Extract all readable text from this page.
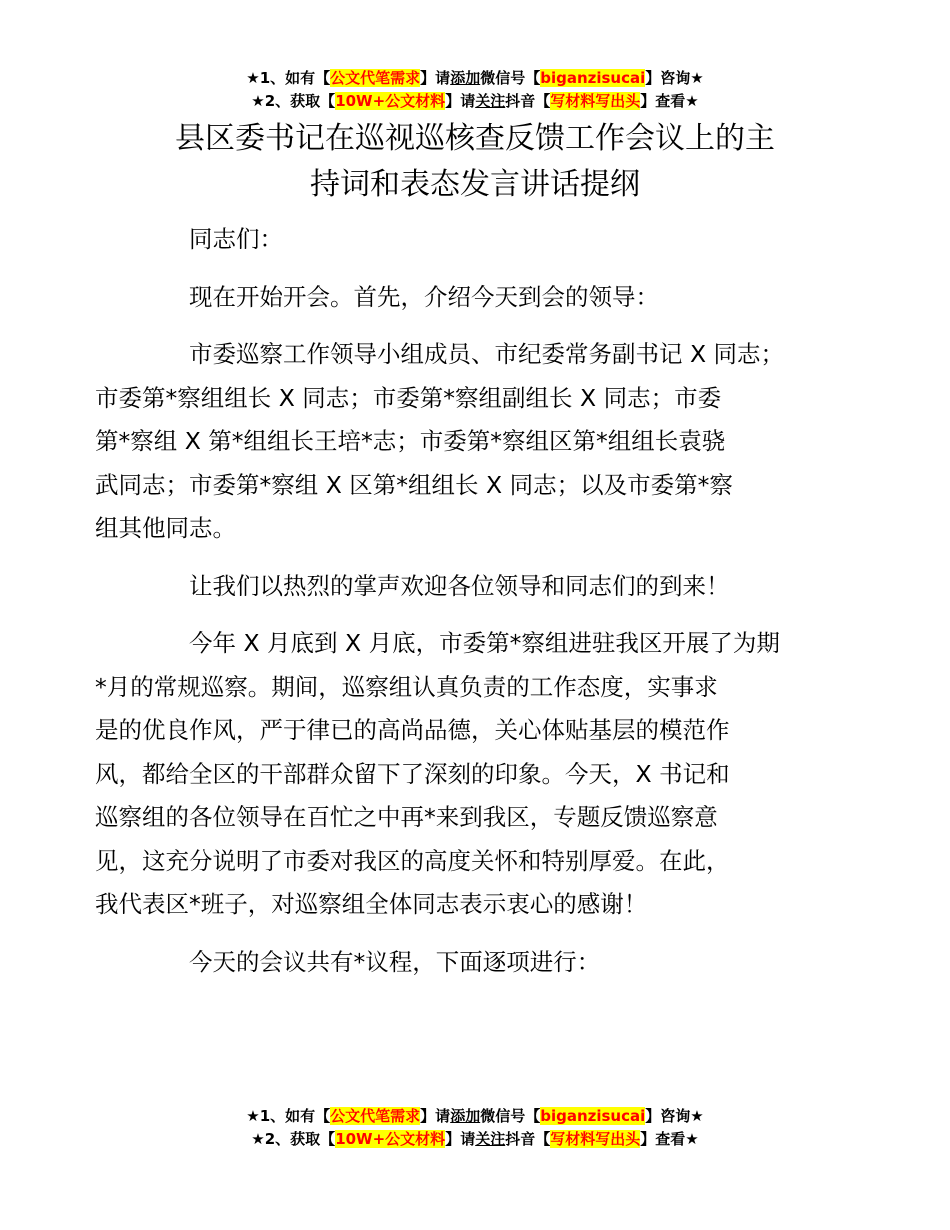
★1、如有【公文代笔需求】请添加微信号【biganzisucai】咨询★
★2、获取【10W+公文材料】请关注抖音【写材料写出头】查看★
县区委书记在巡视巡核查反馈工作会议上的主
持词和表态发言讲话提纲

同志们：

现在开始开会。首先，介绍今天到会的领导：

市委巡察工作领导小组成员、市纪委常务副书记 X 同志；
市委第*察组组长 X 同志；市委第*察组副组长 X 同志；市委
第*察组 X 第*组组长王培*志；市委第*察组区第*组组长袁骁
武同志；市委第*察组 X 区第*组组长 X 同志；以及市委第*察
组其他同志。

让我们以热烈的掌声欢迎各位领导和同志们的到来！

今年 X 月底到 X 月底，市委第*察组进驻我区开展了为期
*月的常规巡察。期间，巡察组认真负责的工作态度，实事求
是的优良作风，严于律已的高尚品德，关心体贴基层的模范作
风，都给全区的干部群众留下了深刻的印象。今天，X 书记和
巡察组的各位领导在百忙之中再*来到我区，专题反馈巡察意
见，这充分说明了市委对我区的高度关怀和特别厚爱。在此，
我代表区*班子，对巡察组全体同志表示衷心的感谢！

今天的会议共有*议程，下面逐项进行：

★1、如有【公文代笔需求】请添加微信号【biganzisucai】咨询★
★2、获取【10W+公文材料】请关注抖音【写材料写出头】查看★
